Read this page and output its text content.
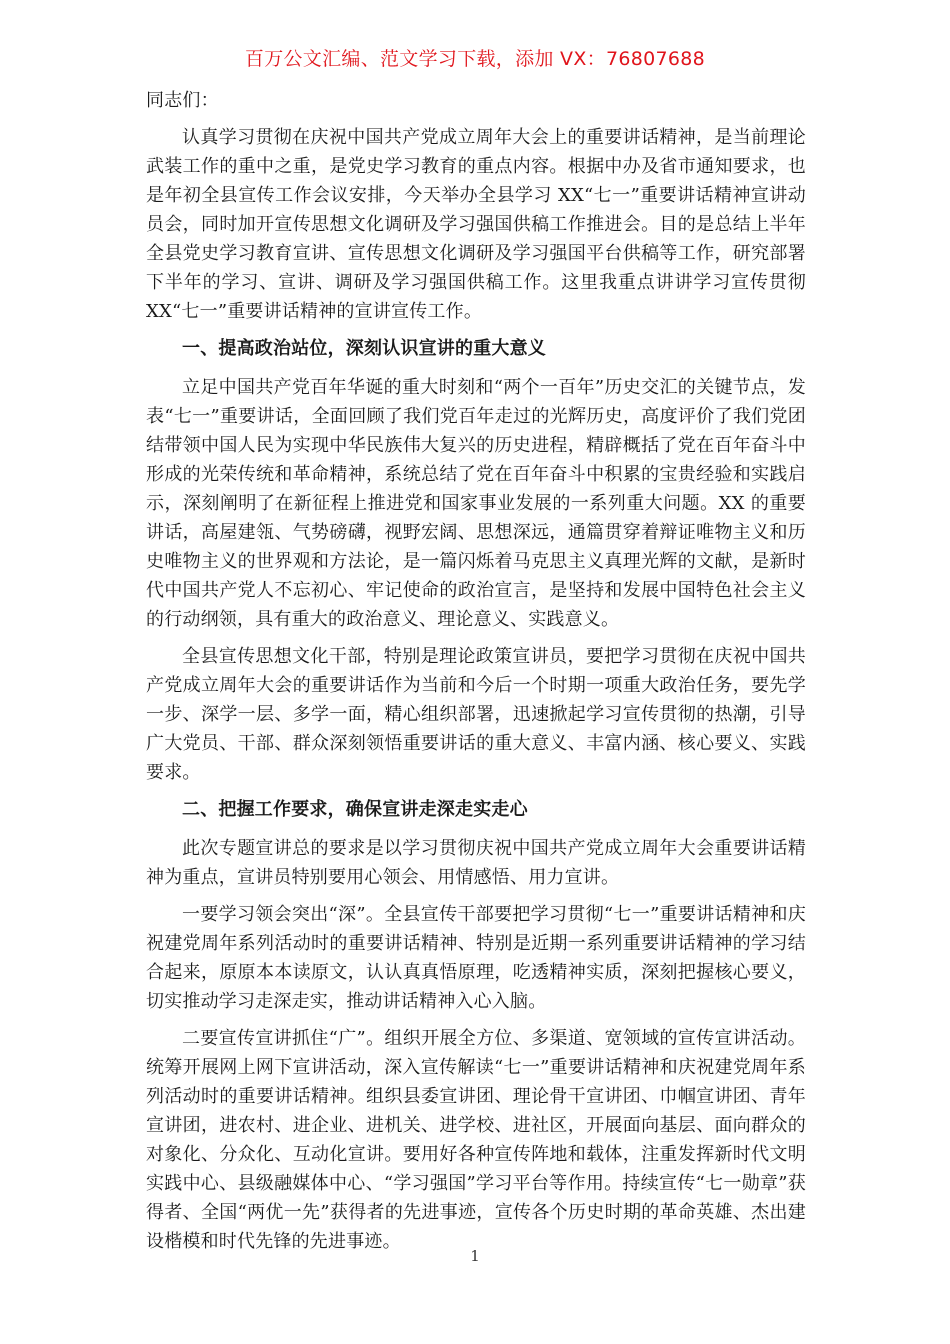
百万公文汇编、范文学习下载，添加 VX：76807688

同志们：

认真学习贯彻在庆祝中国共产党成立周年大会上的重要讲话精神，是当前理论武装工作的重中之重，是党史学习教育的重点内容。根据中办及省市通知要求，也是年初全县宣传工作会议安排，今天举办全县学习 XX“七一”重要讲话精神宣讲动员会，同时加开宣传思想文化调研及学习强国供稿工作推进会。目的是总结上半年全县党史学习教育宣讲、宣传思想文化调研及学习强国平台供稿等工作，研究部署下半年的学习、宣讲、调研及学习强国供稿工作。这里我重点讲讲学习宣传贯彻 XX“七一”重要讲话精神的宣讲宣传工作。

一、提高政治站位，深刻认识宣讲的重大意义

立足中国共产党百年华诞的重大时刻和“两个一百年”历史交汇的关键节点，发表“七一”重要讲话，全面回顾了我们党百年走过的光辉历史，高度评价了我们党团结带领中国人民为实现中华民族伟大复兴的历史进程，精辟概括了党在百年奋斗中形成的光荣传统和革命精神，系统总结了党在百年奋斗中积累的宝贵经验和实践启示，深刻阐明了在新征程上推进党和国家事业发展的一系列重大问题。XX 的重要讲话，高屋建瓴、气势磅礴，视野宏阔、思想深远，通篇贯穿着辩证唯物主义和历史唯物主义的世界观和方法论，是一篇闪烁着马克思主义真理光辉的文献，是新时代中国共产党人不忘初心、牢记使命的政治宣言，是坚持和发展中国特色社会主义的行动纲领，具有重大的政治意义、理论意义、实践意义。

全县宣传思想文化干部，特别是理论政策宣讲员，要把学习贯彻在庆祝中国共产党成立周年大会的重要讲话作为当前和今后一个时期一项重大政治任务，要先学一步、深学一层、多学一面，精心组织部署，迅速掀起学习宣传贯彻的热潮，引导广大党员、干部、群众深刻领悟重要讲话的重大意义、丰富内涵、核心要义、实践要求。

二、把握工作要求，确保宣讲走深走实走心

此次专题宣讲总的要求是以学习贯彻庆祝中国共产党成立周年大会重要讲话精神为重点，宣讲员特别要用心领会、用情感悟、用力宣讲。

一要学习领会突出“深”。全县宣传干部要把学习贯彻“七一”重要讲话精神和庆祝建党周年系列活动时的重要讲话精神、特别是近期一系列重要讲话精神的学习结合起来，原原本本读原文，认认真真悟原理，吃透精神实质，深刻把握核心要义，切实推动学习走深走实，推动讲话精神入心入脑。

二要宣传宣讲抓住“广”。组织开展全方位、多渠道、宽领域的宣传宣讲活动。统筹开展网上网下宣讲活动，深入宣传解读“七一”重要讲话精神和庆祝建党周年系列活动时的重要讲话精神。组织县委宣讲团、理论骨干宣讲团、巾帼宣讲团、青年宣讲团，进农村、进企业、进机关、进学校、进社区，开展面向基层、面向群众的对象化、分众化、互动化宣讲。要用好各种宣传阵地和载体，注重发挥新时代文明实践中心、县级融媒体中心、“学习强国”学习平台等作用。持续宣传“七一勋章”获得者、全国“两优一先”获得者的先进事迹，宣传各个历史时期的革命英雄、杰出建设楷模和时代先锋的先进事迹。

1
